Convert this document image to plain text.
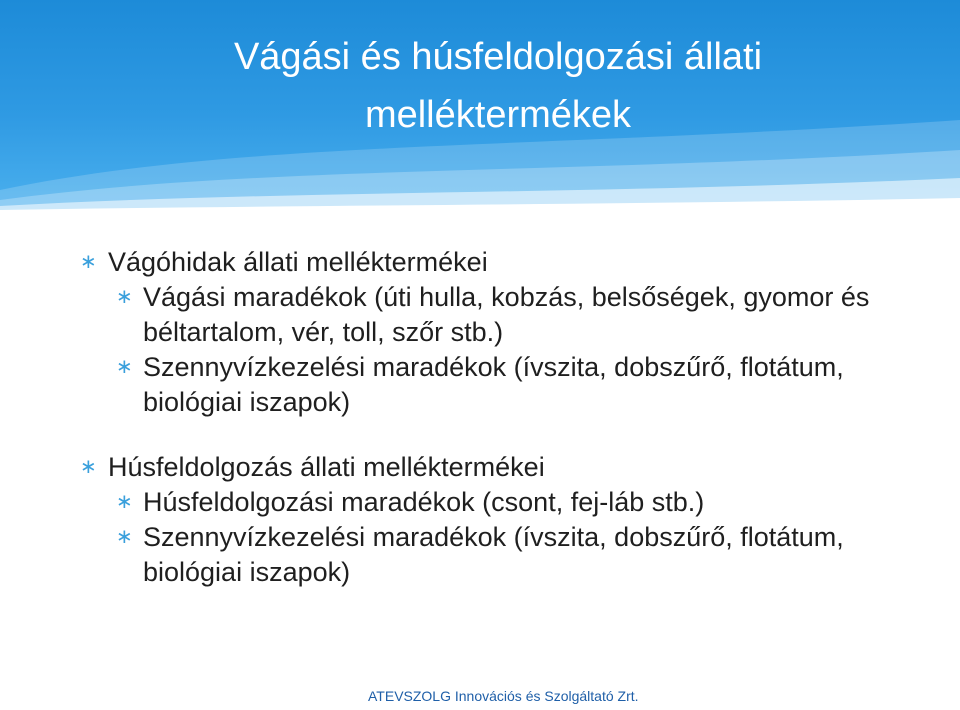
Vágási és húsfeldolgozási állati melléktermékek
∗ Vágóhidak állati melléktermékei
∗ Vágási maradékok (úti hulla, kobzás, belsőségek, gyomor és béltartalom, vér, toll, szőr stb.)
∗ Szennyvízkezelési maradékok (ívszita, dobszűrő, flotátum, biológiai iszapok)
∗ Húsfeldolgozás állati melléktermékei
∗ Húsfeldolgozási maradékok (csont, fej-láb stb.)
∗ Szennyvízkezelési maradékok (ívszita, dobszűrő, flotátum, biológiai iszapok)
ATEVSZOLG Innovációs és Szolgáltató Zrt.
